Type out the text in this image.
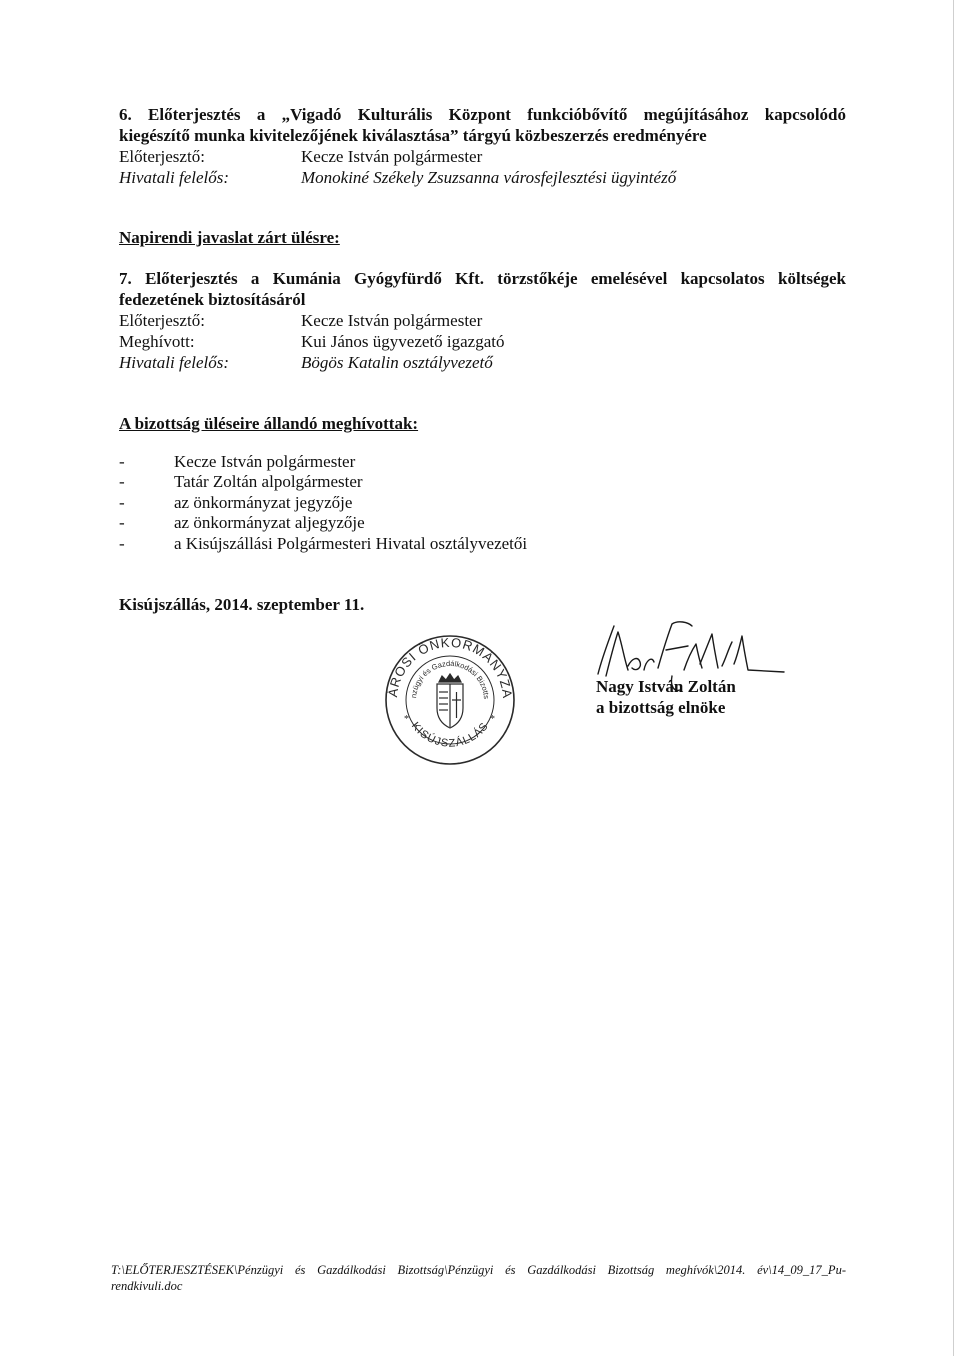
6. Előterjesztés a „Vigadó Kulturális Központ funkcióbővítő megújításához kapcsolódó
kiegészítő munka kivitelezőjének kiválasztása” tárgyú közbeszerzés eredményére
Előterjesztő:	Kecze István polgármester
Hivatali felelős:	Monokiné Székely Zsuzsanna városfejlesztési ügyintéző
Napirendi javaslat zárt ülésre:
7. Előterjesztés a Kumánia Gyógyfürdő Kft. törzstőkéje emelésével kapcsolatos költségek
fedezetének biztosításáról
Előterjesztő:	Kecze István polgármester
Meghívott:	Kui János ügyvezető igazgató
Hivatali felelős:	Bögös Katalin osztályvezető
A bizottság üléseire állandó meghívottak:
-	Kecze István polgármester
-	Tatár Zoltán alpolgármester
-	az önkormányzat jegyzője
-	az önkormányzat aljegyzője
-	a Kisújszállási Polgármesteri Hivatal osztályvezetői
Kisújszállás, 2014. szeptember 11.
ÁROSI ÖNKORMÁNYZA
nzügyi és Gazdálkodási Bizotts
KISÚJSZÁLLÁS
*	*
Nagy István Zoltán
a bizottság elnöke
T:\ELŐTERJESZTÉSEK\Pénzügyi és Gazdálkodási Bizottság\Pénzügyi és Gazdálkodási Bizottság meghívók\2014. év\14_09_17_Pu-
rendkivuli.doc
